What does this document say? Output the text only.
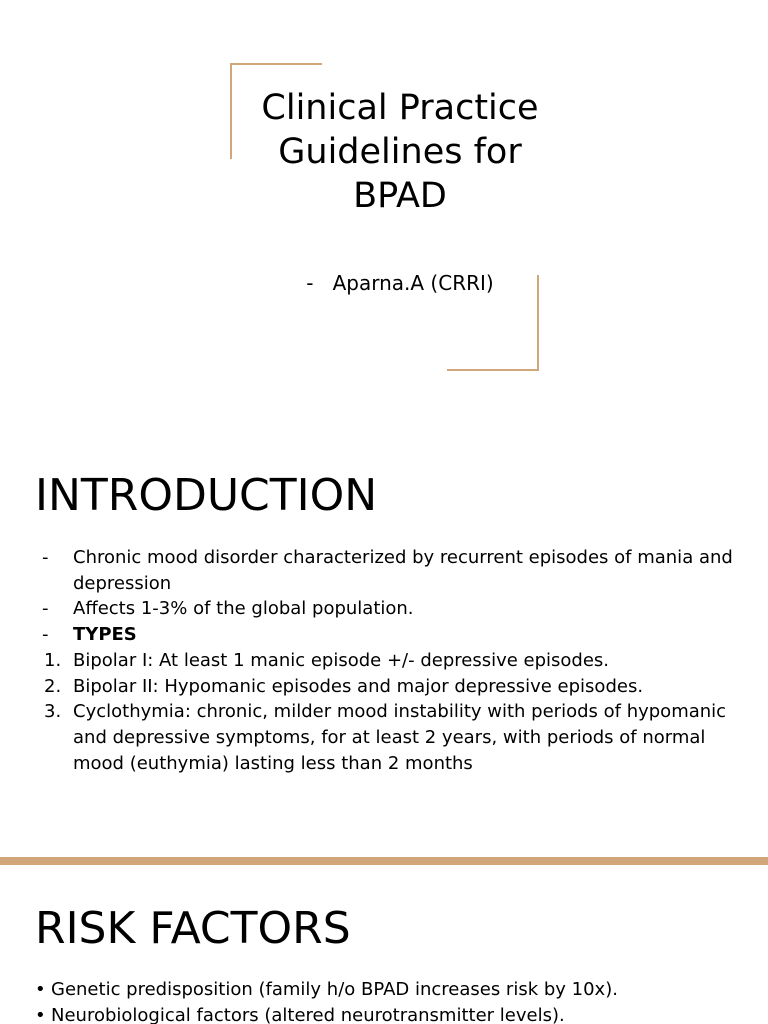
Clinical Practice Guidelines for BPAD
- Aparna.A (CRRI)
INTRODUCTION
- Chronic mood disorder characterized by recurrent episodes of mania and depression
- Affects 1-3% of the global population.
- TYPES
1. Bipolar I: At least 1 manic episode +/- depressive episodes.
2. Bipolar II: Hypomanic episodes and major depressive episodes.
3. Cyclothymia: chronic, milder mood instability with periods of hypomanic and depressive symptoms, for at least 2 years, with periods of normal mood (euthymia) lasting less than 2 months
RISK FACTORS
• Genetic predisposition (family h/o BPAD increases risk by 10x).
• Neurobiological factors (altered neurotransmitter levels).
